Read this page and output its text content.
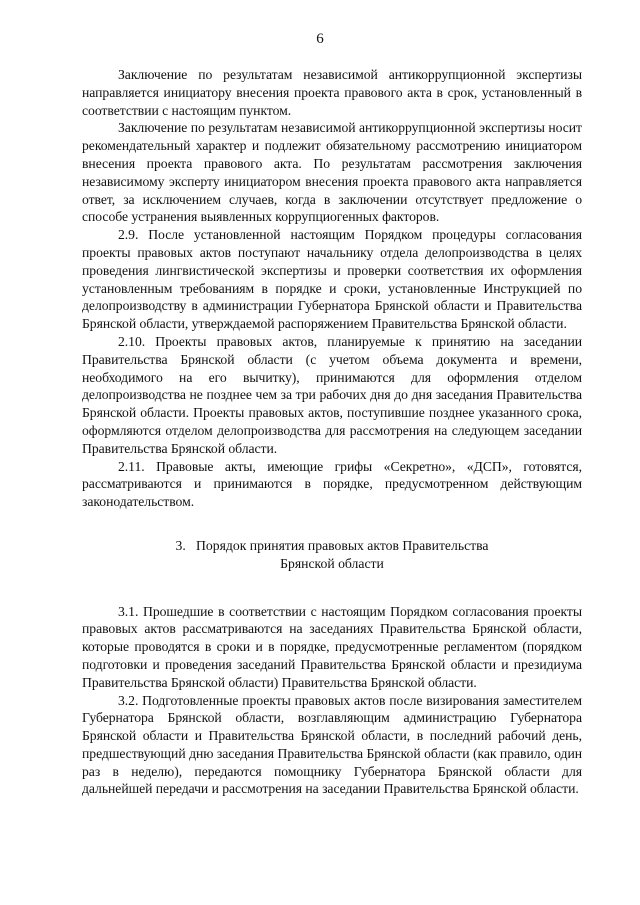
6

Заключение по результатам независимой антикоррупционной экспертизы направляется инициатору внесения проекта правового акта в срок, установленный в соответствии с настоящим пунктом.

Заключение по результатам независимой антикоррупционной экспертизы носит рекомендательный характер и подлежит обязательному рассмотрению инициатором внесения проекта правового акта. По результатам рассмотрения заключения независимому эксперту инициатором внесения проекта правового акта направляется ответ, за исключением случаев, когда в заключении отсутствует предложение о способе устранения выявленных коррупциогенных факторов.

2.9. После установленной настоящим Порядком процедуры согласования проекты правовых актов поступают начальнику отдела делопроизводства в целях проведения лингвистической экспертизы и проверки соответствия их оформления установленным требованиям в порядке и сроки, установленные Инструкцией по делопроизводству в администрации Губернатора Брянской области и Правительства Брянской области, утверждаемой распоряжением Правительства Брянской области.

2.10. Проекты правовых актов, планируемые к принятию на заседании Правительства Брянской области (с учетом объема документа и времени, необходимого на его вычитку), принимаются для оформления отделом делопроизводства не позднее чем за три рабочих дня до дня заседания Правительства Брянской области. Проекты правовых актов, поступившие позднее указанного срока, оформляются отделом делопроизводства для рассмотрения на следующем заседании Правительства Брянской области.

2.11. Правовые акты, имеющие грифы «Секретно», «ДСП», готовятся, рассматриваются и принимаются в порядке, предусмотренном действующим законодательством.

3. Порядок принятия правовых актов Правительства
Брянской области

3.1. Прошедшие в соответствии с настоящим Порядком согласования проекты правовых актов рассматриваются на заседаниях Правительства Брянской области, которые проводятся в сроки и в порядке, предусмотренные регламентом (порядком подготовки и проведения заседаний Правительства Брянской области и президиума Правительства Брянской области) Правительства Брянской области.

3.2. Подготовленные проекты правовых актов после визирования заместителем Губернатора Брянской области, возглавляющим администрацию Губернатора Брянской области и Правительства Брянской области, в последний рабочий день, предшествующий дню заседания Правительства Брянской области (как правило, один раз в неделю), передаются помощнику Губернатора Брянской области для дальнейшей передачи и рассмотрения на заседании Правительства Брянской области.
